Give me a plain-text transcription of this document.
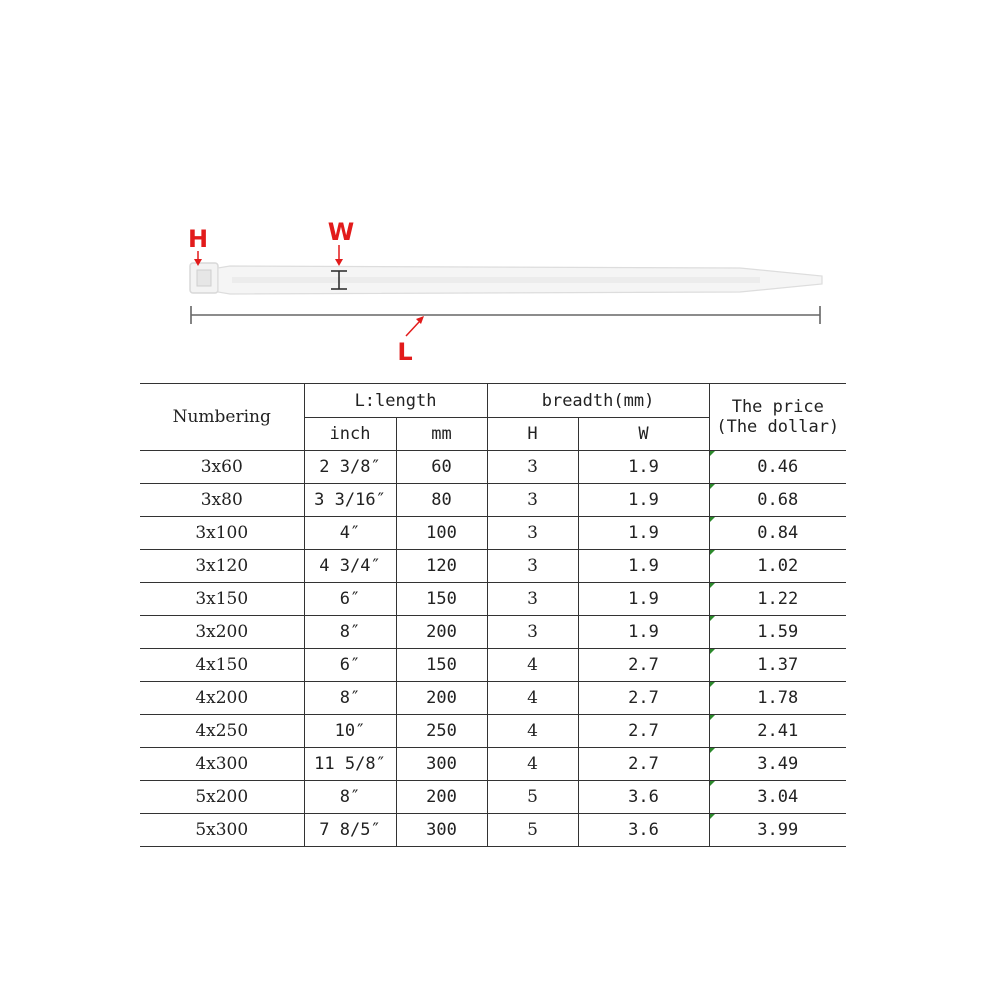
H	W
L
Numbering	L:length		breadth(mm)		The price
(The dollar)

	inch	mm	H	W	
3x60	2 3/8″	60	3	1.9	0.46
3x80	3 3/16″	80	3	1.9	0.68
3x100	4″	100	3	1.9	0.84
3x120	4 3/4″	120	3	1.9	1.02
3x150	6″	150	3	1.9	1.22
3x200	8″	200	3	1.9	1.59
4x150	6″	150	4	2.7	1.37
4x200	8″	200	4	2.7	1.78
4x250	10″	250	4	2.7	2.41
4x300	11 5/8″	300	4	2.7	3.49
5x200	8″	200	5	3.6	3.04
5x300	7 8/5″	300	5	3.6	3.99
